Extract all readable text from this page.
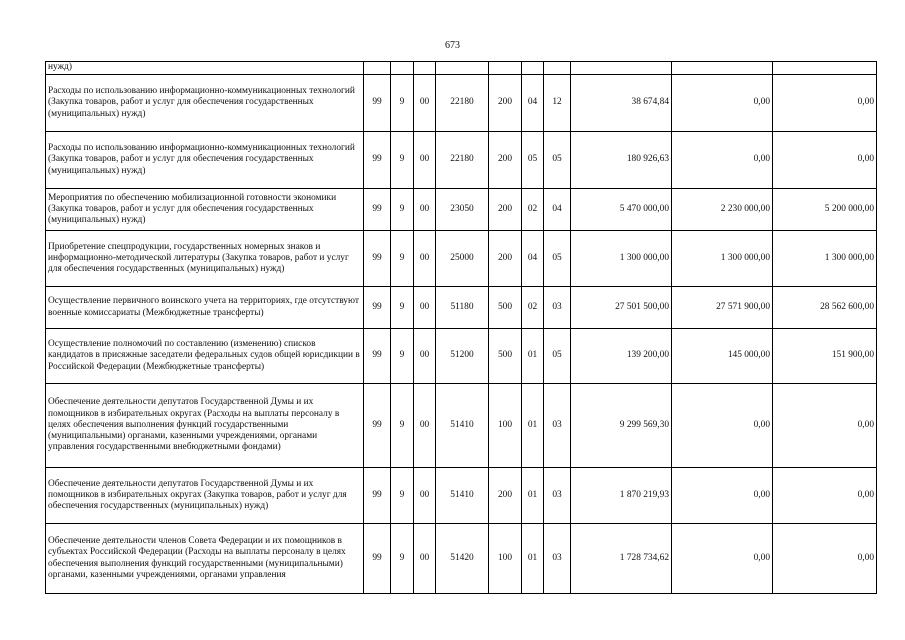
673
нужд)										
Расходы по использованию информационно-коммуникационных технологий (Закупка товаров, работ и услуг для обеспечения государственных (муниципальных) нужд)	99	9	00	22180	200	04	12	38 674,84	0,00	0,00
Расходы по использованию информационно-коммуникационных технологий (Закупка товаров, работ и услуг для обеспечения государственных (муниципальных) нужд)	99	9	00	22180	200	05	05	180 926,63	0,00	0,00
Мероприятия по обеспечению мобилизационной готовности экономики (Закупка товаров, работ и услуг для обеспечения государственных (муниципальных) нужд)	99	9	00	23050	200	02	04	5 470 000,00	2 230 000,00	5 200 000,00
Приобретение спецпродукции, государственных номерных знаков и информационно-методической литературы (Закупка товаров, работ и услуг для обеспечения государственных (муниципальных) нужд)	99	9	00	25000	200	04	05	1 300 000,00	1 300 000,00	1 300 000,00
Осуществление первичного воинского учета на территориях, где отсутствуют военные комиссариаты (Межбюджетные трансферты)	99	9	00	51180	500	02	03	27 501 500,00	27 571 900,00	28 562 600,00
Осуществление полномочий по составлению (изменению) списков кандидатов в присяжные заседатели федеральных судов общей юрисдикции в Российской Федерации (Межбюджетные трансферты)	99	9	00	51200	500	01	05	139 200,00	145 000,00	151 900,00
Обеспечение деятельности депутатов Государственной Думы и их помощников в избирательных округах (Расходы на выплаты персоналу в целях обеспечения выполнения функций государственными (муниципальными) органами, казенными учреждениями, органами управления государственными внебюджетными фондами)	99	9	00	51410	100	01	03	9 299 569,30	0,00	0,00
Обеспечение деятельности депутатов Государственной Думы и их помощников в избирательных округах (Закупка товаров, работ и услуг для обеспечения государственных (муниципальных) нужд)	99	9	00	51410	200	01	03	1 870 219,93	0,00	0,00
Обеспечение деятельности членов Совета Федерации и их помощников в субъектах Российской Федерации (Расходы на выплаты персоналу в целях обеспечения выполнения функций государственными (муниципальными) органами, казенными учреждениями, органами управления	99	9	00	51420	100	01	03	1 728 734,62	0,00	0,00
